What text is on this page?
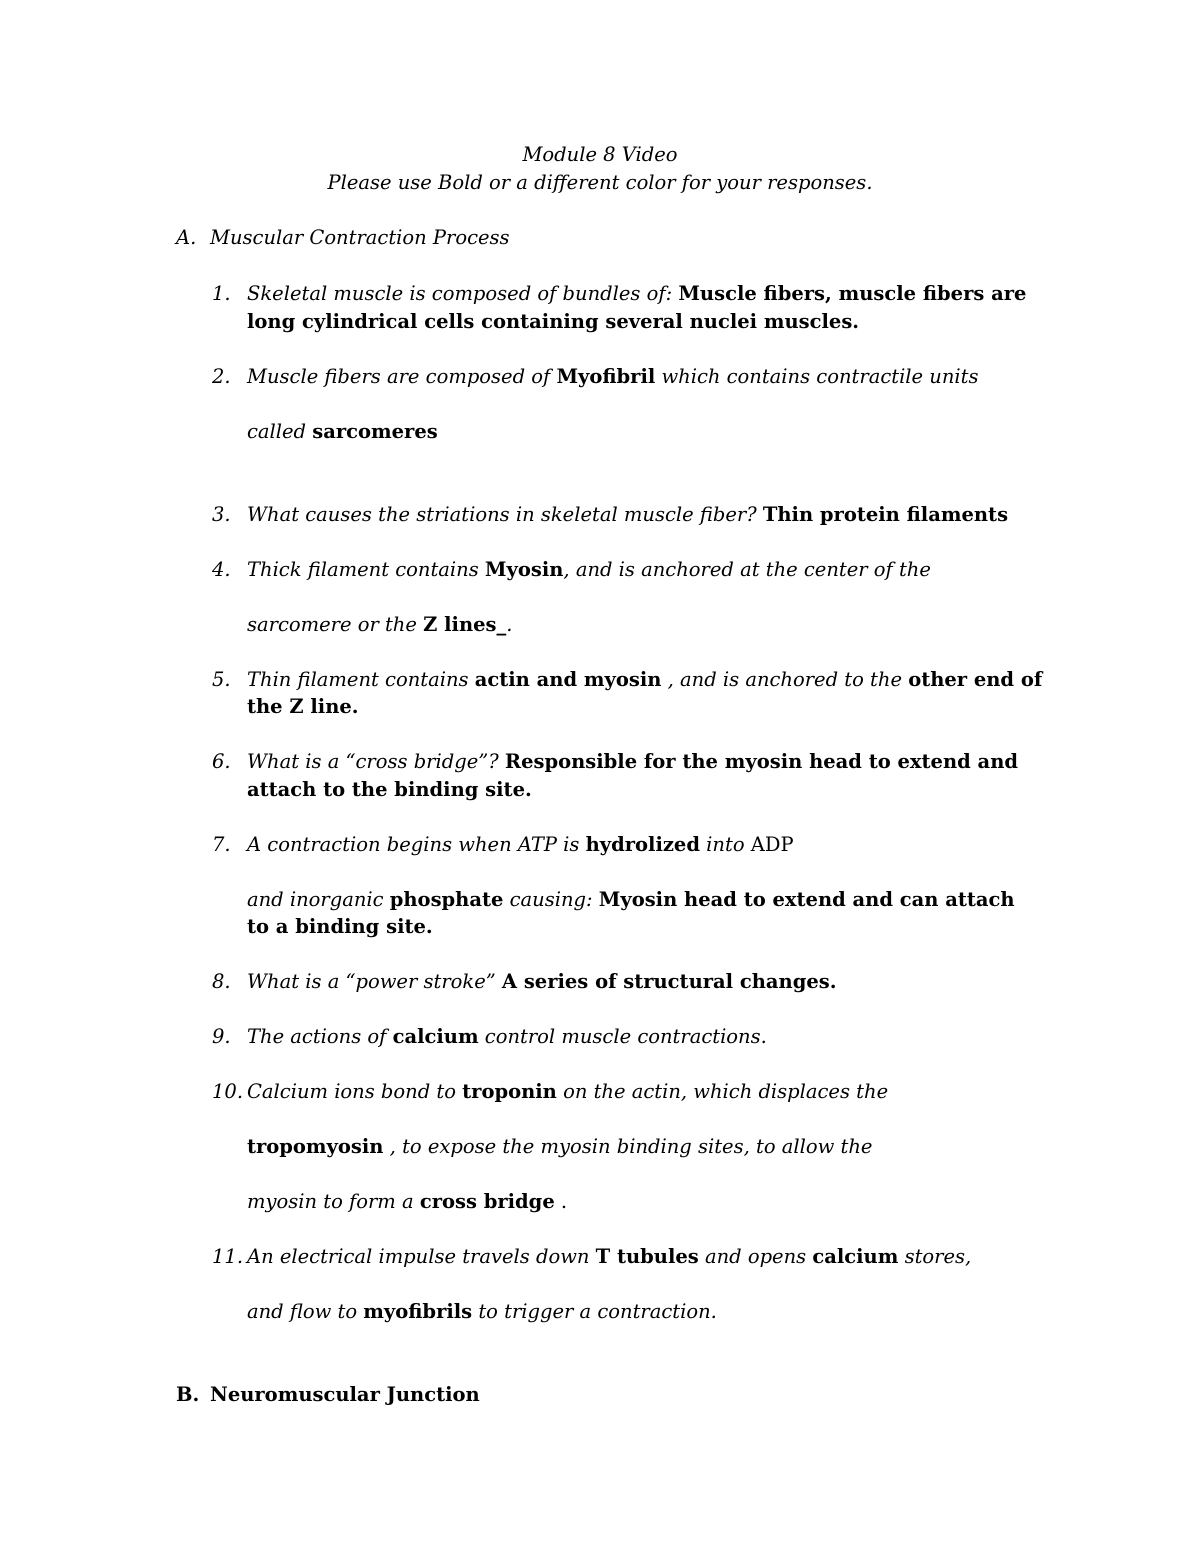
Module 8 Video

Please use Bold or a different color for your responses.

A. Muscular Contraction Process

1. Skeletal muscle is composed of bundles of: Muscle fibers, muscle fibers are

long cylindrical cells containing several nuclei muscles.

2. Muscle fibers are composed of Myofibril which contains contractile units

called sarcomeres

3. What causes the striations in skeletal muscle fiber? Thin protein filaments

4. Thick filament contains Myosin, and is anchored at the center of the

sarcomere or the Z lines_.

5. Thin filament contains actin and myosin , and is anchored to the other end of

the Z line.

6. What is a “cross bridge”? Responsible for the myosin head to extend and

attach to the binding site.

7. A contraction begins when ATP is hydrolized into ADP

and inorganic phosphate causing: Myosin head to extend and can attach

to a binding site.

8. What is a “power stroke” A series of structural changes.

9. The actions of calcium control muscle contractions.

10. Calcium ions bond to troponin on the actin, which displaces the

tropomyosin , to expose the myosin binding sites, to allow the

myosin to form a cross bridge .

11. An electrical impulse travels down T tubules and opens calcium stores,

and flow to myofibrils to trigger a contraction.

B. Neuromuscular Junction
